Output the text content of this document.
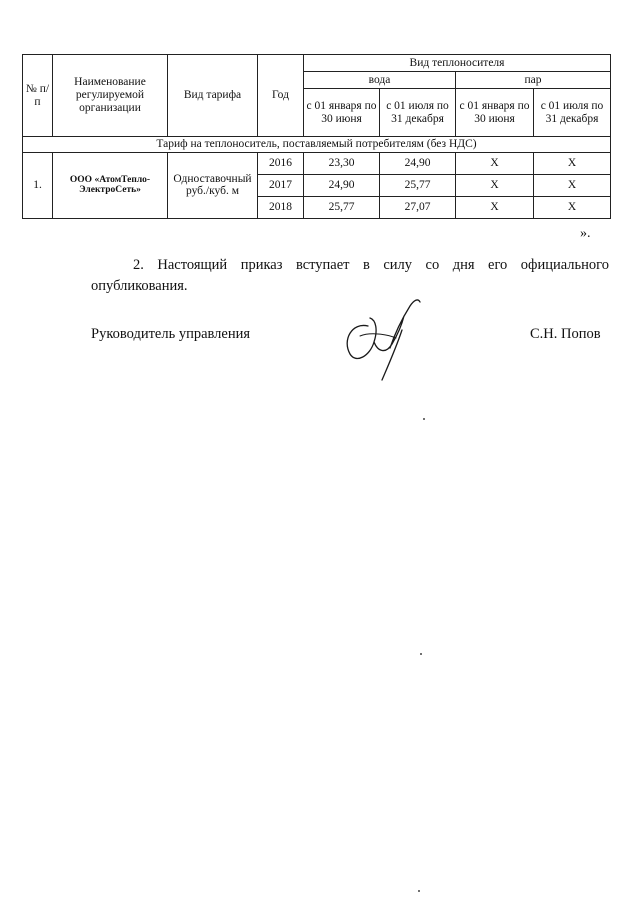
№ п/п	Наименование регулируемой организации	Вид тарифа	Год	Вид теплоносителя			
				вода		пар	
				с 01 января по 30 июня	с 01 июля по 31 декабря	с 01 января по 30 июня	с 01 июля по 31 декабря
Тариф на теплоноситель, поставляемый потребителям (без НДС)							
1.	ООО «АтомТепло-ЭлектроСеть»	Одноставочный руб./куб. м	2016	23,30	24,90	Х	Х
			2017	24,90	25,77	Х	Х
			2018	25,77	27,07	Х	Х
».

2. Настоящий приказ вступает в силу со дня его официального опубликования.

Руководитель управления	С.Н. Попов
